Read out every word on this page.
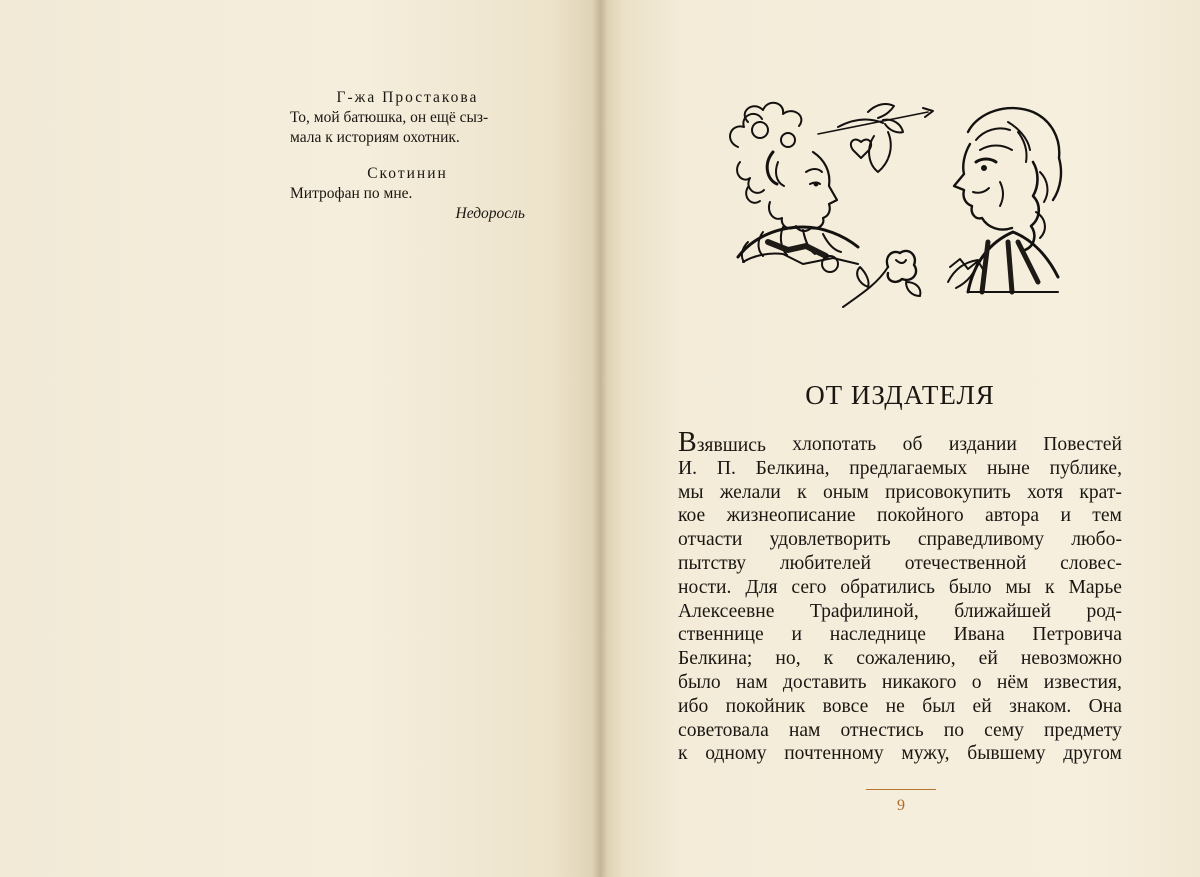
Г-жа Простакова
То, мой батюшка, он ещё сыз-
мала к историям охотник.
Скотинин
Митрофан по мне.
Недоросль
ОТ ИЗДАТЕЛЯ
Взявшись хлопотать об издании Повестей
И. П. Белкина, предлагаемых ныне публике,
мы желали к оным присовокупить хотя крат-
кое жизнеописание покойного автора и тем
отчасти удовлетворить справедливому любо-
пытству любителей отечественной словес-
ности. Для сего обратились было мы к Марье
Алексеевне Трафилиной, ближайшей род-
ственнице и наследнице Ивана Петровича
Белкина; но, к сожалению, ей невозможно
было нам доставить никакого о нём известия,
ибо покойник вовсе не был ей знаком. Она
советовала нам отнестись по сему предмету
к одному почтенному мужу, бывшему другом
9
